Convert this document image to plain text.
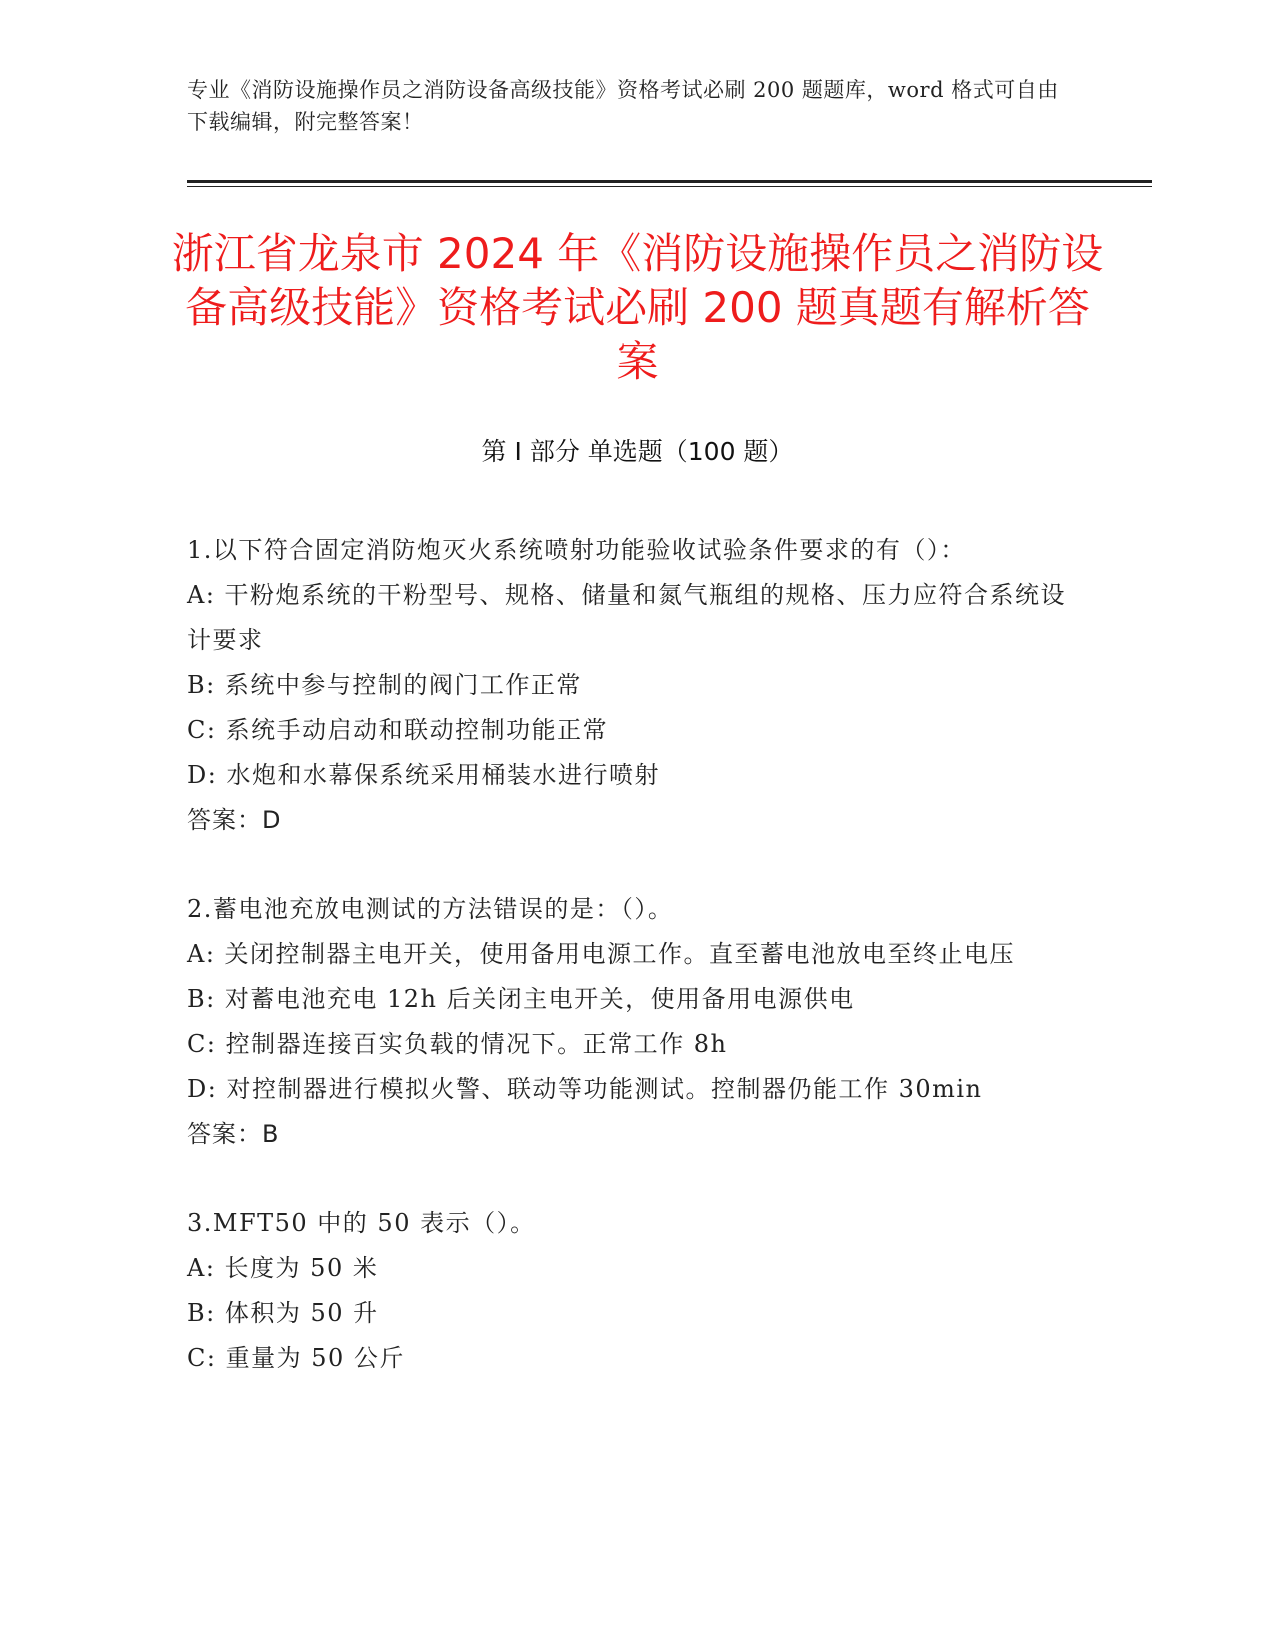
专业《消防设施操作员之消防设备高级技能》资格考试必刷 200 题题库，word 格式可自由下载编辑，附完整答案！
浙江省龙泉市 2024 年《消防设施操作员之消防设备高级技能》资格考试必刷 200 题真题有解析答案
第 I 部分 单选题（100 题）

1.以下符合固定消防炮灭火系统喷射功能验收试验条件要求的有（）：

A: 干粉炮系统的干粉型号、规格、储量和氮气瓶组的规格、压力应符合系统设计要求

B: 系统中参与控制的阀门工作正常

C: 系统手动启动和联动控制功能正常

D: 水炮和水幕保系统采用桶装水进行喷射

答案：D

2.蓄电池充放电测试的方法错误的是：（）。

A: 关闭控制器主电开关，使用备用电源工作。直至蓄电池放电至终止电压

B: 对蓄电池充电 12h 后关闭主电开关，使用备用电源供电

C: 控制器连接百实负载的情况下。正常工作 8h

D: 对控制器进行模拟火警、联动等功能测试。控制器仍能工作 30min

答案：B

3.MFT50 中的 50 表示（）。

A: 长度为 50 米

B: 体积为 50 升

C: 重量为 50 公斤
